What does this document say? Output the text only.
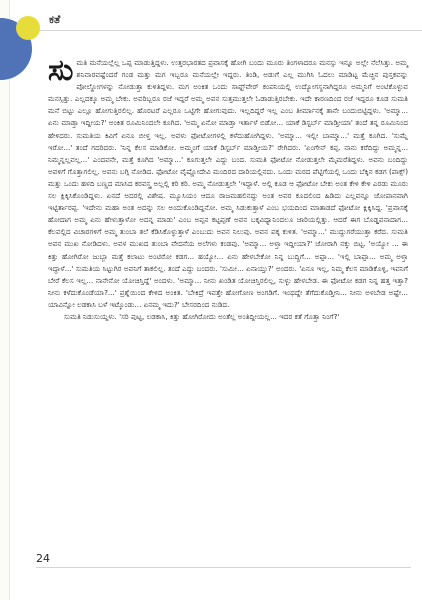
ಕತೆ

ಸುಮತಿ ಮನೆಯಲ್ಲೆಲ್ಲ ಒಪ್ಪ ಮಾಡುತ್ತಿದ್ದಳು. ಉತ್ತರಭಾರತದ ಪ್ರವಾಸಕ್ಕೆ ಹೋಗಿ ಬಂದು ಮೂರು ತಿಂಗಳಾದರೂ ಮನಸ್ಸು ಇನ್ನೂ ಅಲ್ಲೇ ನೆಲೆಸಿತ್ತು. ಅಮ್ಮ ಶನಿವಾರವಷ್ಟೆಂದರೆ ಗಂಡ ಮತ್ತು ಮಗ ಇಬ್ಬರೂ ಮನೆಯಲ್ಲೇ ಇದ್ದರು. ತಿಂಡಿ, ಅಡುಗೆ ಎಲ್ಲ ಮುಗಿಸಿ ಓದಲು ಮಾಡಿಟ್ಟ ಮೆಚ್ಚಿನ ಪುಸ್ತಕವನ್ನು ಪೋಲ್ಡೋಗಳನ್ನು ನೋಡುತ್ತಾ ಕುಳಿತಿದ್ದಳು. ಮಗ ಅಂಕಿತ ಒಂದು ಸಾಫ್ಟ್‌ವೇರ್ ಕಂಪನಿಯಲ್ಲಿ ಉದ್ಯೋಗಸ್ಥನಾಗಿದ್ದರೂ ಅಮ್ಮನಿಗೆ ಅಂಟಿಕೊಳ್ಳುವ ಮನಸ್ಸಿತ್ತು. ಎಲ್ಲದಕ್ಕೂ ಅಮ್ಮ ಬೇಕು. ಅವರಿಬ್ಬರೂ ರಜೆ ಇದ್ದರೆ ಅಮ್ಮ ಅವನ ಸುತ್ತಮುತ್ತಲೇ ಓಡಾಡುತ್ತಿರಬೇಕು. ಇದೇ ಕಾರಣದಿಂದ ರಜೆ ಇದ್ದರೂ ಕೂಡ ಸುಮತಿ ಮನೆ ಬಿಟ್ಟು ಎಲ್ಲೂ ಹೋಗುತ್ತಿರಲಿಲ್ಲ. ಹೊರಟರೆ ಎಲ್ಲರೂ ಒಟ್ಟಿಗೇ ಹೋಗುವುದು. ಇಲ್ಲದಿದ್ದರೆ ಇಲ್ಲ ಎಂಬ ತೀರ್ಮಾನಕ್ಕೆ ತಾನೇ ಬಂದುಬಿಟ್ಟಿದ್ದಳು. 'ಅಮ್ಮಾ... ಏನು ಮಾಡ್ತಾ ಇದ್ದೀಯ?' ಅಂಕಿತ ರೂಮಿನಿಂದಲೇ ಕೂಗಿದ. 'ಅಮ್ಮ ಏನೋ ಮಾಡ್ತಾ ಇರ್ತಾಳೆ ಬಿಡೋ... ಯಾಕೆ ಡಿಸ್ಟರ್ಬ್ ಮಾಡ್ತೀಯಾ' ತಂದೆ ತನ್ನ ರೂಮಿನಿಂದ ಹೇಳಿದರು. ಸುಮತಿಯ ಕಿವಿಗೆ ಏನೂ ಬೀಳ್ತ ಇಲ್ಲ. ಅವಳು ಫೋಟೋಗಳಲ್ಲಿ ಕಳೆದುಹೋಗಿದ್ದಳು. 'ಅಮ್ಮಾ... ಇಲ್ಲೀ ಬಾಮ್ಮಾ...' ಮತ್ತೆ ಕೂಗಿದ. 'ಸುಮ್ನೆ ಇರೋ...' ತಂದೆ ಗದರಿದರು. 'ನಿನ್ನ ಕೆಲಸ ಮಾಡಿಕೋ. ಅಮ್ಮಂಗೆ ಯಾಕೆ ಡಿಸ್ಟರ್ಬ್ ಮಾಡ್ತೀಯ?' ರೇಗಿದರು. 'ಏಂಗೇನ್ ಕಪ್ಪ. ನಾನು ಕರೆದಿದ್ದು ಅಮ್ಮನ್ನ... ನಿಮ್ಮನ್ನಲ್ಲವಲ್ಲ...' ಎಂದವನೇ, ಮತ್ತೆ ಕೂಗಿದ 'ಅಮ್ಮಾ...' ಕೂಗುತ್ತಲೇ ಎದ್ದು ಬಂದ. ಸುಮತಿ ಫೋಟೋ ನೋಡುತ್ತಲೇ ಮೈಮರೆತಿದ್ದಳು. ಅವನು ಬಂದಿದ್ದು ಅವಳಿಗೆ ಗೊತ್ತಾಗಲಿಲ್ಲ. ಅವನು ಬಗ್ಗಿ ನೋಡಿದ. ಫೋಟೋ ವೈಷ್ಣೋದೇವಿ ಮಂದಿರದ ದಾರಿಯಲ್ಲಿನದು. ಒಂದು ಮರದ ಪೆಟ್ಟಿಗೆಯಲ್ಲಿ ಒಂದು ಬೆಕ್ಕಿನ ಕಡಗ (ಪಾಕ್ಸ್) ಮತ್ತು ಒಂದು ಹಳದಿ ಬಣ್ಣದ ಮಾಸಿದ ಕರವಸ್ತ್ರ ಅಲ್ಲಲ್ಲಿ ಕರಿ ಕರಿ. ಅಮ್ಮ ನೋಡುತ್ತಲೇ 'ಇದ್ದಾಳೆ. ಅಲ್ಲಿ ಕೂಡ ಆ ಫೋಟೋ ಬೇಕು ಅಂತ ಕೇಳಿ ಕೇಳಿ ಎರಡು ಮೂರು ಸಲ ಕ್ಲಿಕ್ಕಿಸಿಕೊಂಡಿದ್ದಳು. ಏನದೆ ಅದರಲ್ಲಿ ವಿಶೇಷ. ಮ್ಯೂಸಿಯಂ ಆದೂ ರಾಜಮಹಲಿನದ್ದು ಅಂತ ಅವರ ಕೂದಲಿಂದ ಹಿಡಿದು ಎಲ್ಲವನ್ನೂ ಜೋಪಾನವಾಗಿ ಇಟ್ಟಿರ್ತಾರಪ್ಪ. 'ಇದೇನು ಮಹಾ ಅಂತ ಅದನ್ನು ಸಲ ಅಂದುಕೊಂಡಿದ್ದನೋ. ಅಮ್ಮ ಸಿಡುಕುತ್ತಾಳೆ ಎಂಬ ಭಯದಿಂದ ಮಾತಾಡದೆ ಫೋಟೋ ಕ್ಲಿಕ್ಕಿಸಿದ್ದ. 'ಪ್ರವಾಸಕ್ಕೆ ಹೋದಾಗ ಅಮ್ಮ ಏನು ಹೇಳುತ್ತಾಳೋ ಅದನ್ನ ಮಾಡು' ಎಂಬ ಅಪ್ಪನ ಕಟ್ಟಪ್ಪಣೆ ಅವನ ಬಕ್ಕವಿಧ್ಯಾನಿಂದಲೂ ಜಾರಿಯಲ್ಲಿತ್ತು. ಆದರೆ ಈಗ ಬೊಡ್ಡವನಾದಾಗ... ಕೆಲವಲ್ಲಿದ ವಿಚಾರಗಳಿಗೆ ಅಮ್ಮ ತುಂಬಾ ತಲೆ ಕೆಡಿಸಿಕೊಳ್ಳುತ್ತಾಳೆ ಎಂಬುದು ಅವನ ನಿಲುವು. ಅವನ ಪಕ್ಕ ಕುಳಿತ. 'ಅಮ್ಮಾ...' ಮುದ್ದುಗರೆಯುತ್ತಾ ಕರೆದ. ಸುಮತಿ ಅವನ ಮುಖ ನೋಡಿದಳು. ಅವಳ ಮುಖದ ತುಂಬಾ ವೇದನೆಯ ಅಲೆಗಳು ಕಂಡವು. 'ಅಮ್ಮಾ... ಅಳ್ತಾ ಇದ್ದೀಯಾ?' ಜೋರಾಗಿ ನಕ್ಕು ಬಿಟ್ಟ. 'ಅಯ್ಯೋ ... ಈ ಕಿತ್ತು ಹೋಗಿರೋ ಜುಬ್ಬಾ ಮತ್ತೆ ಕಲಾಟು ಅಂಟಿರೋ ಕಡಗ... ಹಯ್ಯೋ... ಏನು ಹೇಳಬೇಕೋ ನಿನ್ನ ಬುದ್ಧಿಗೆ... ಅಪ್ಪಾ... 'ಇಲ್ಲಿ ಬಾಪ್ಪಾ... ಅಮ್ಮ ಅಳ್ತಾ ಇದ್ದಾಳೆ...' ಸುಮತಿಯ ಸಿಟ್ಟುಗಿರ ಅವನಿಗೆ ತಾಕಲಿಲ್ಲ. ತಂದೆ ಎದ್ದು ಬಂದರು. 'ಸುಮೀ... ಏನಾಯ್ತು?' ಅಂದರು. 'ಏನೂ ಇಲ್ಲ, ನಿಮ್ಮ ಕೆಲಸ ಮಾಡಿಕೊಳ್ಳಿ, ಇವನಿಗೆ ಬೇರೆ ಕೆಲಸ ಇಲ್ಲ... ನಾನೇನೋ ಯೋಚಿಸ್ತಿದ್ದೆ' ಅಂದಳು. 'ಅಮ್ಮಾ... ನೀನು ಖಂಡಿತ ಯೋಚಿಸ್ತಿರಲಿಲ್ಲ, ಸುಳ್ಳು ಹೇಳಬೇಡ. ಈ ಫೋಟೋ ಕಡಗ ನಿನ್ನ ಹತ್ತ ಇತ್ತಾ? ನೀನು ಕಳೆದುಕೊಂಡೆಯಾ?...' ಪ್ರಶ್ನೆಯಿಂದ ಕೇಳಿದ ಅಂಕಿತ. 'ಬೇಕಿದ್ರೆ ಇವತ್ತೇ ಹೋಗೋಣ ಅಂಗಡಿಗೆ. ಇಂಥದ್ದೇ ತೆಗೆದುಕೊಡ್ತೀನಿ... ನೀನು ಅಳಬೇಡ ಅಷ್ಟೇ... ಯಾವಿನ್ನೋ ಲಡಕಾಸಿ ಬಳೆ ಇಟ್ಕೊಂಡು... ಏನಮ್ಮ ಇದು?' ಬೇಸರದಿಂದ ನುಡಿದ.

ಸುಮತಿ ನಿಡುಸುಯ್ದಳು. 'ಸರಿ ಪುಟ್ಟ, ಲಡಕಾಸಿ, ಕಿತ್ತು ಹೋಗಿರೋದು ಅಂತೆಲ್ಲ ಅಂತಿದ್ದೀಯಲ್ಲ... ಇದರ ಕತೆ ಗೊತ್ತಾ ನಿಂಗೆ?'

24
